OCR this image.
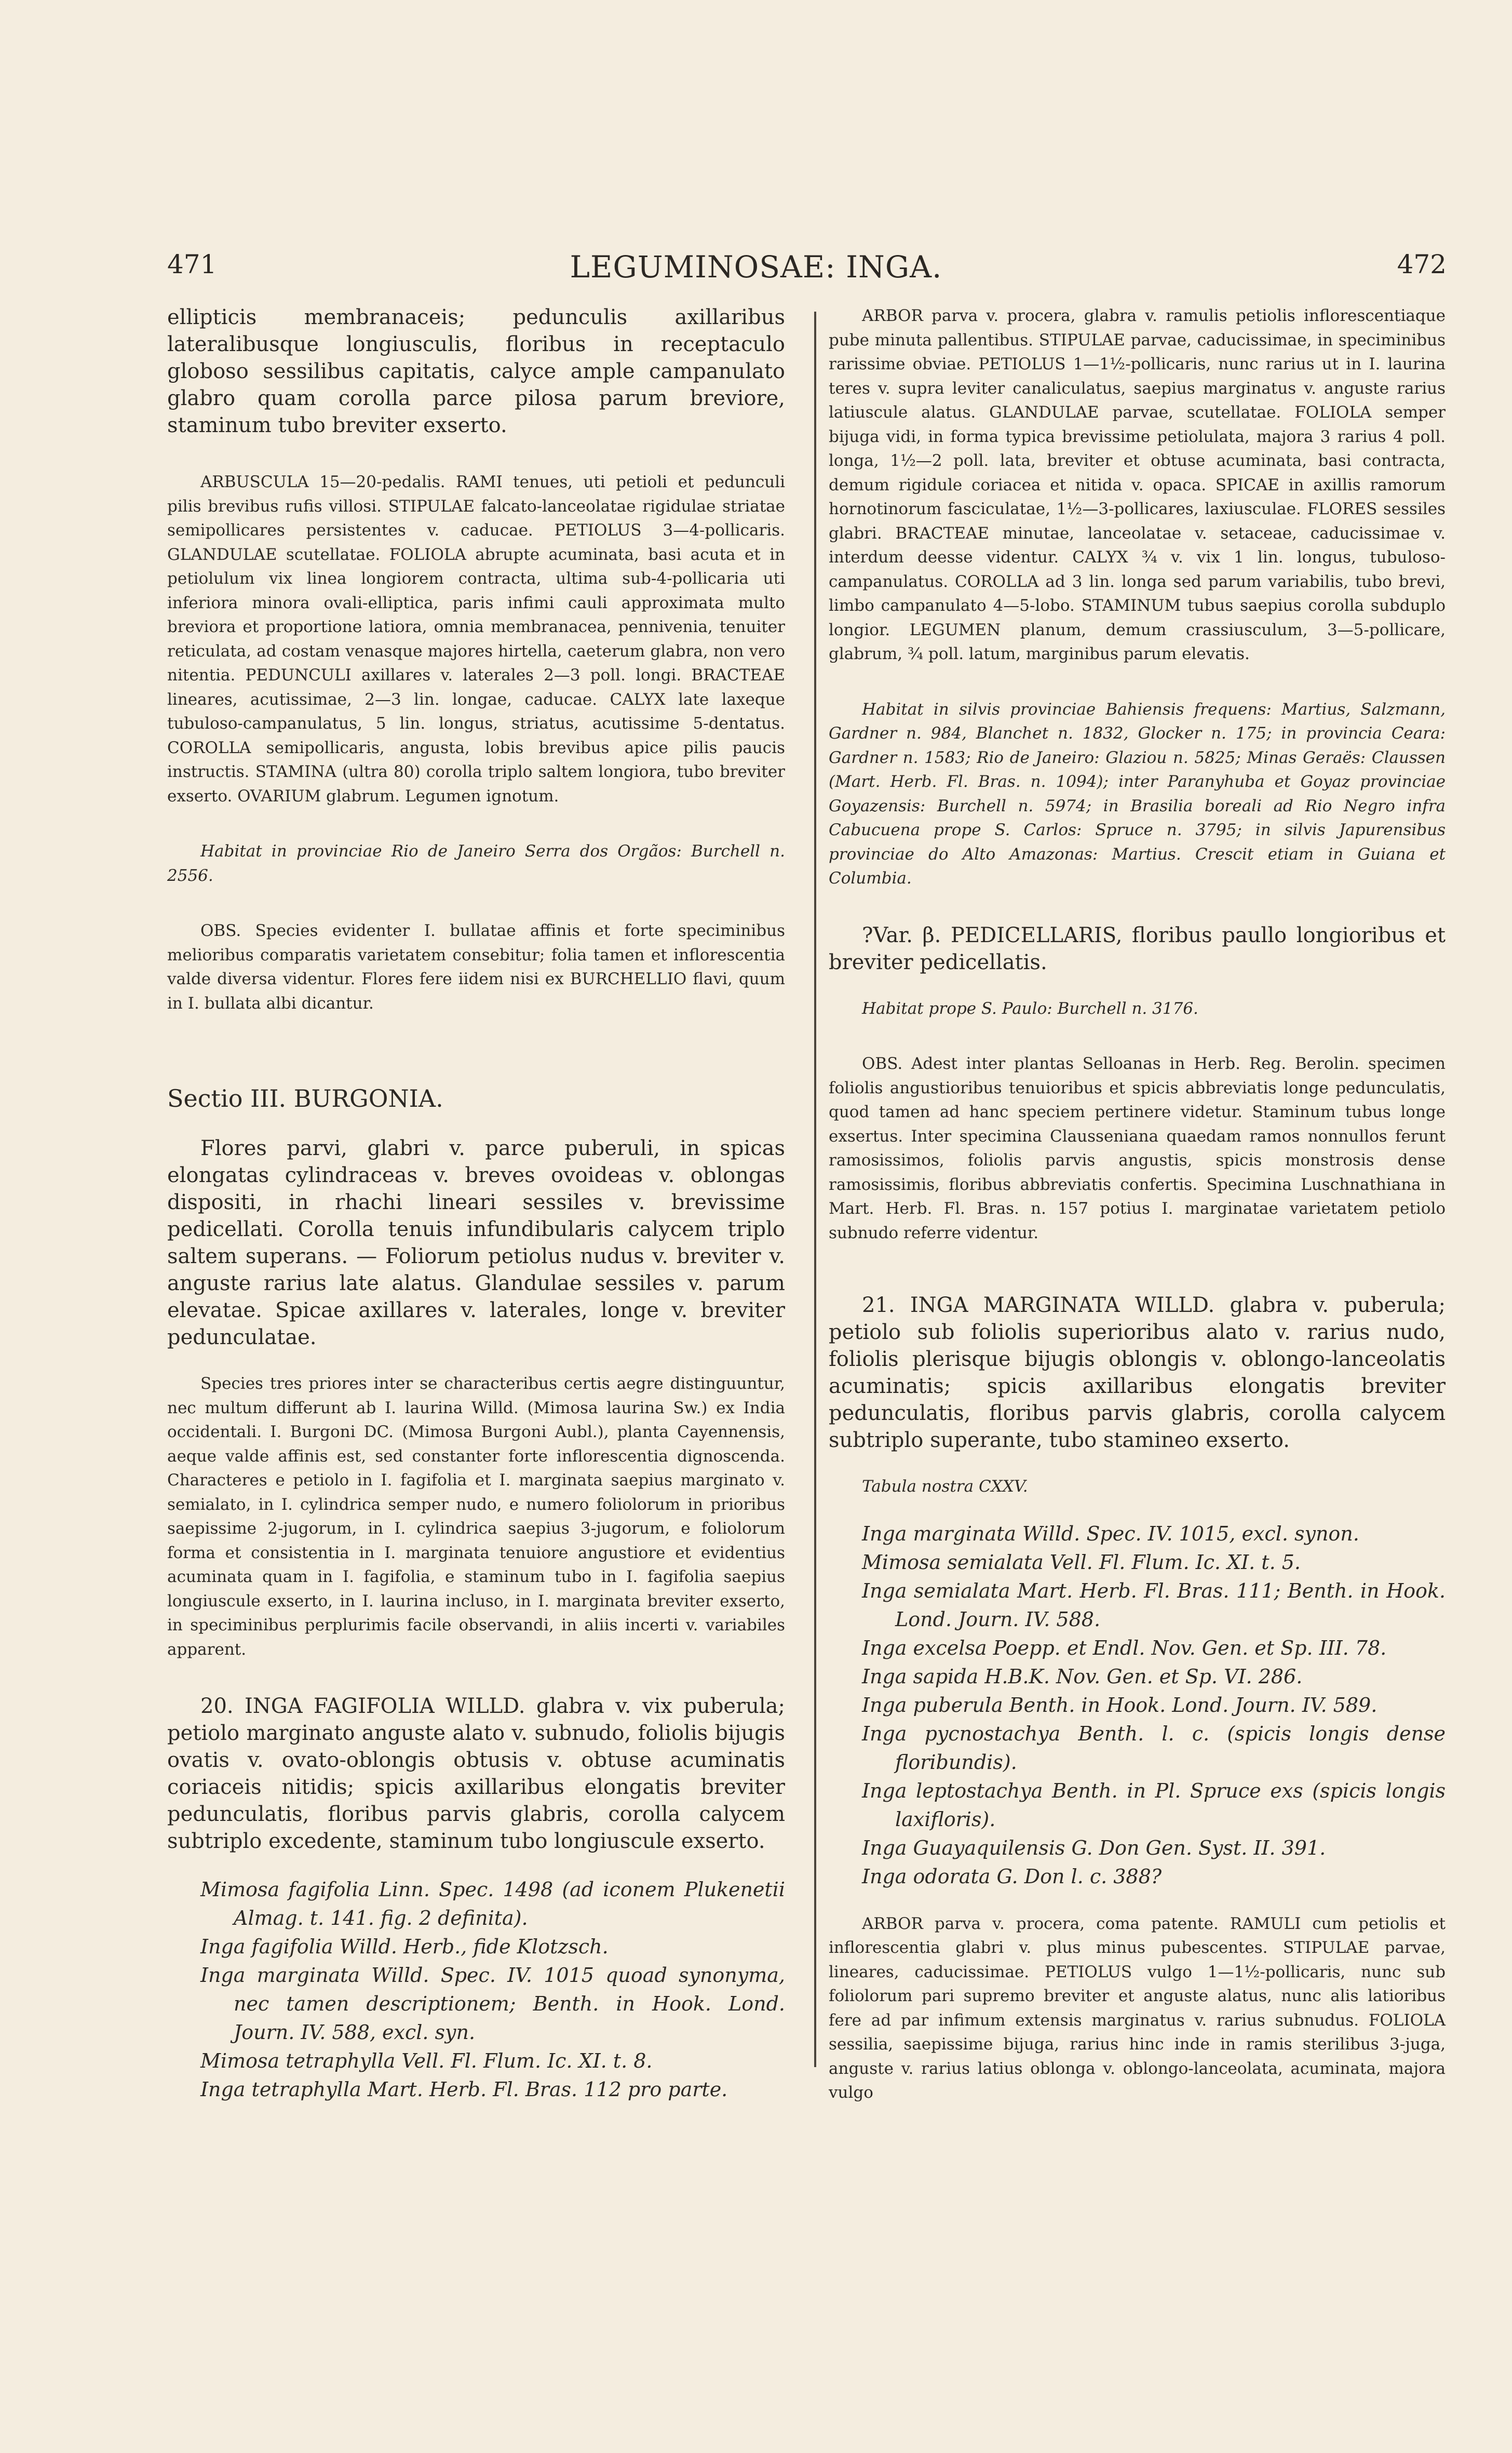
471	LEGUMINOSAE: INGA.	472

ellipticis membranaceis; pedunculis axillaribus lateralibusque longiusculis, floribus in receptaculo globoso sessilibus capitatis, calyce ample campanulato glabro quam corolla parce pilosa parum breviore, staminum tubo breviter exserto.

ARBUSCULA 15—20-pedalis. RAMI tenues, uti petioli et pedunculi pilis brevibus rufis villosi. STIPULAE falcato-lanceolatae rigidulae striatae semipollicares persistentes v. caducae. PETIOLUS 3—4-pollicaris. GLANDULAE scutellatae. FOLIOLA abrupte acuminata, basi acuta et in petiolulum vix linea longiorem contracta, ultima sub-4-pollicaria uti inferiora minora ovali-elliptica, paris infimi cauli approximata multo breviora et proportione latiora, omnia membranacea, pennivenia, tenuiter reticulata, ad costam venasque majores hirtella, caeterum glabra, non vero nitentia. PEDUNCULI axillares v. laterales 2—3 poll. longi. BRACTEAE lineares, acutissimae, 2—3 lin. longae, caducae. CALYX late laxeque tubuloso-campanulatus, 5 lin. longus, striatus, acutissime 5-dentatus. COROLLA semipollicaris, angusta, lobis brevibus apice pilis paucis instructis. STAMINA (ultra 80) corolla triplo saltem longiora, tubo breviter exserto. OVARIUM glabrum. Legumen ignotum.

Habitat in provinciae Rio de Janeiro Serra dos Orgãos: Burchell n. 2556.

OBS. Species evidenter I. bullatae affinis et forte speciminibus melioribus comparatis varietatem consebitur; folia tamen et inflorescentia valde diversa videntur. Flores fere iidem nisi ex BURCHELLIO flavi, quum in I. bullata albi dicantur.

Sectio III. BURGONIA.

Flores parvi, glabri v. parce puberuli, in spicas elongatas cylindraceas v. breves ovoideas v. oblongas dispositi, in rhachi lineari sessiles v. brevissime pedicellati. Corolla tenuis infundibularis calycem triplo saltem superans. — Foliorum petiolus nudus v. breviter v. anguste rarius late alatus. Glandulae sessiles v. parum elevatae. Spicae axillares v. laterales, longe v. breviter pedunculatae.

Species tres priores inter se characteribus certis aegre distinguuntur, nec multum differunt ab I. laurina Willd. (Mimosa laurina Sw.) ex India occidentali. I. Burgoni DC. (Mimosa Burgoni Aubl.), planta Cayennensis, aeque valde affinis est, sed constanter forte inflorescentia dignoscenda. Characteres e petiolo in I. fagifolia et I. marginata saepius marginato v. semialato, in I. cylindrica semper nudo, e numero foliolorum in prioribus saepissime 2-jugorum, in I. cylindrica saepius 3-jugorum, e foliolorum forma et consistentia in I. marginata tenuiore angustiore et evidentius acuminata quam in I. fagifolia, e staminum tubo in I. fagifolia saepius longiuscule exserto, in I. laurina incluso, in I. marginata breviter exserto, in speciminibus perplurimis facile observandi, in aliis incerti v. variabiles apparent.

20. INGA FAGIFOLIA WILLD. glabra v. vix puberula; petiolo marginato anguste alato v. subnudo, foliolis bijugis ovatis v. ovato-oblongis obtusis v. obtuse acuminatis coriaceis nitidis; spicis axillaribus elongatis breviter pedunculatis, floribus parvis glabris, corolla calycem subtriplo excedente, staminum tubo longiuscule exserto.

Mimosa fagifolia Linn. Spec. 1498 (ad iconem Plukenetii Almag. t. 141. fig. 2 definita).

Inga fagifolia Willd. Herb., fide Klotzsch.

Inga marginata Willd. Spec. IV. 1015 quoad synonyma, nec tamen descriptionem; Benth. in Hook. Lond. Journ. IV. 588, excl. syn.

Mimosa tetraphylla Vell. Fl. Flum. Ic. XI. t. 8.

Inga tetraphylla Mart. Herb. Fl. Bras. 112 pro parte.

ARBOR parva v. procera, glabra v. ramulis petiolis inflorescentiaque pube minuta pallentibus. STIPULAE parvae, caducissimae, in speciminibus rarissime obviae. PETIOLUS 1—1½-pollicaris, nunc rarius ut in I. laurina teres v. supra leviter canaliculatus, saepius marginatus v. anguste rarius latiuscule alatus. GLANDULAE parvae, scutellatae. FOLIOLA semper bijuga vidi, in forma typica brevissime petiolulata, majora 3 rarius 4 poll. longa, 1½—2 poll. lata, breviter et obtuse acuminata, basi contracta, demum rigidule coriacea et nitida v. opaca. SPICAE in axillis ramorum hornotinorum fasciculatae, 1½—3-pollicares, laxiusculae. FLORES sessiles glabri. BRACTEAE minutae, lanceolatae v. setaceae, caducissimae v. interdum deesse videntur. CALYX ¾ v. vix 1 lin. longus, tubuloso-campanulatus. COROLLA ad 3 lin. longa sed parum variabilis, tubo brevi, limbo campanulato 4—5-lobo. STAMINUM tubus saepius corolla subduplo longior. LEGUMEN planum, demum crassiusculum, 3—5-pollicare, glabrum, ¾ poll. latum, marginibus parum elevatis.

Habitat in silvis provinciae Bahiensis frequens: Martius, Salzmann, Gardner n. 984, Blanchet n. 1832, Glocker n. 175; in provincia Ceara: Gardner n. 1583; Rio de Janeiro: Glaziou n. 5825; Minas Geraës: Claussen (Mart. Herb. Fl. Bras. n. 1094); inter Paranyhuba et Goyaz provinciae Goyazensis: Burchell n. 5974; in Brasilia boreali ad Rio Negro infra Cabucuena prope S. Carlos: Spruce n. 3795; in silvis Japurensibus provinciae do Alto Amazonas: Martius. Crescit etiam in Guiana et Columbia.

?Var. β. PEDICELLARIS, floribus paullo longioribus et breviter pedicellatis.

Habitat prope S. Paulo: Burchell n. 3176.

OBS. Adest inter plantas Selloanas in Herb. Reg. Berolin. specimen foliolis angustioribus tenuioribus et spicis abbreviatis longe pedunculatis, quod tamen ad hanc speciem pertinere videtur. Staminum tubus longe exsertus. Inter specimina Clausseniana quaedam ramos nonnullos ferunt ramosissimos, foliolis parvis angustis, spicis monstrosis dense ramosissimis, floribus abbreviatis confertis. Specimina Luschnathiana in Mart. Herb. Fl. Bras. n. 157 potius I. marginatae varietatem petiolo subnudo referre videntur.

21. INGA MARGINATA WILLD. glabra v. puberula; petiolo sub foliolis superioribus alato v. rarius nudo, foliolis plerisque bijugis oblongis v. oblongo-lanceolatis acuminatis; spicis axillaribus elongatis breviter pedunculatis, floribus parvis glabris, corolla calycem subtriplo superante, tubo stamineo exserto.

Tabula nostra CXXV.

Inga marginata Willd. Spec. IV. 1015, excl. synon.

Mimosa semialata Vell. Fl. Flum. Ic. XI. t. 5.

Inga semialata Mart. Herb. Fl. Bras. 111; Benth. in Hook. Lond. Journ. IV. 588.

Inga excelsa Poepp. et Endl. Nov. Gen. et Sp. III. 78.

Inga sapida H.B.K. Nov. Gen. et Sp. VI. 286.

Inga puberula Benth. in Hook. Lond. Journ. IV. 589.

Inga pycnostachya Benth. l. c. (spicis longis dense floribundis).

Inga leptostachya Benth. in Pl. Spruce exs (spicis longis laxifloris).

Inga Guayaquilensis G. Don Gen. Syst. II. 391.

Inga odorata G. Don l. c. 388?

ARBOR parva v. procera, coma patente. RAMULI cum petiolis et inflorescentia glabri v. plus minus pubescentes. STIPULAE parvae, lineares, caducissimae. PETIOLUS vulgo 1—1½-pollicaris, nunc sub foliolorum pari supremo breviter et anguste alatus, nunc alis latioribus fere ad par infimum extensis marginatus v. rarius subnudus. FOLIOLA sessilia, saepissime bijuga, rarius hinc inde in ramis sterilibus 3-juga, anguste v. rarius latius oblonga v. oblongo-lanceolata, acuminata, majora vulgo
